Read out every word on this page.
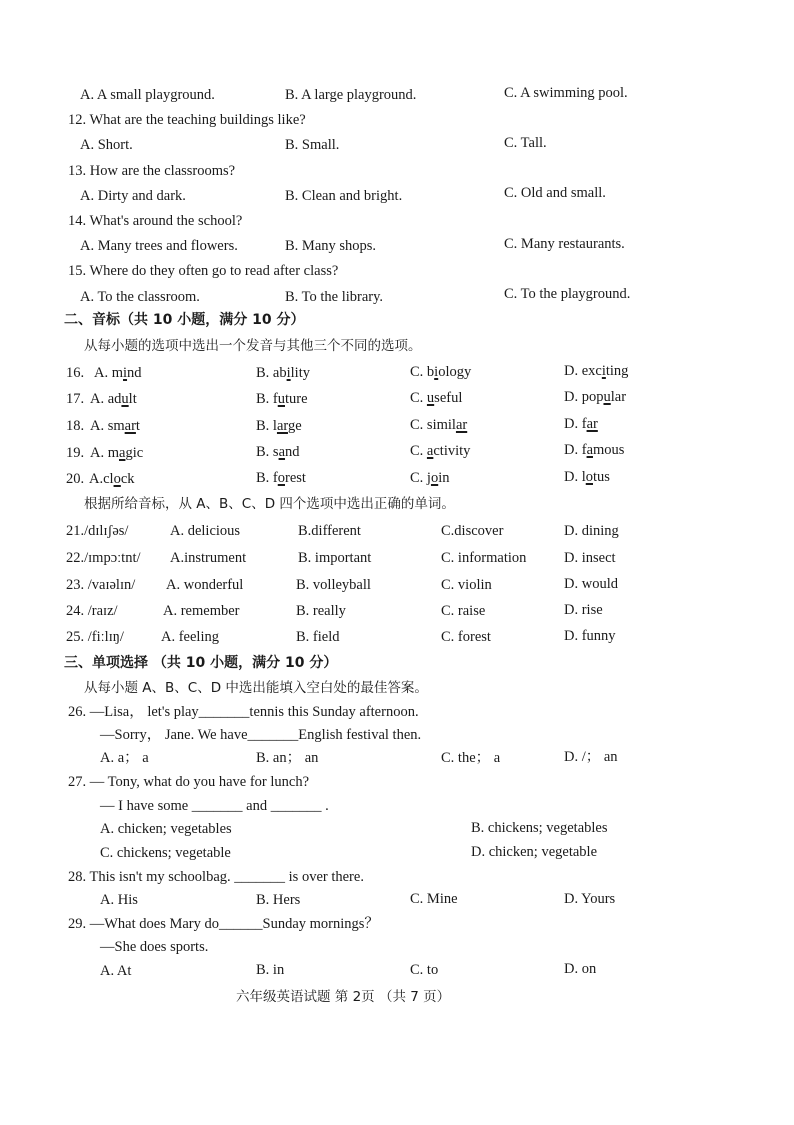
A. A small playground.	B. A large playground.	C. A swimming pool.
12. What are the teaching buildings like?
A. Short.	B. Small.	C. Tall.
13. How are the classrooms?
A. Dirty and dark.	B. Clean and bright.	C. Old and small.
14. What's around the school?
A. Many trees and flowers.	B. Many shops.	C. Many restaurants.
15. Where do they often go to read after class?
A. To the classroom.	B. To the library.	C. To the playground.
二、音标（共 10 小题，满分 10 分）
从每小题的选项中选出一个发音与其他三个不同的选项。
16. A. mind	B. ability	C. biology	D. exciting
17. A. adult	B. future	C. useful	D. popular
18. A. smart	B. large	C. similar	D. far
19. A. magic	B. sand	C. activity	D. famous
20. A.clock	B. forest	C. join	D. lotus
根据所给音标，从 A、B、C、D 四个选项中选出正确的单词。
21./dɪlɪʃəs/	A. delicious	B.different	C.discover	D. dining
22./ɪmpɔːtnt/ A.instrument	B. important	C. information	D. insect
23. /vaɪəlɪn/ A. wonderful	B. volleyball	C. violin	D. would
24. /raɪz/	A. remember	B. really	C. raise	D. rise
25. /fiːlɪŋ/	A. feeling	B. field	C. forest	D. funny
三、单项选择 （共 10 小题，满分 10 分）
从每小题 A、B、C、D 中选出能填入空白处的最佳答案。
26. —Lisa， let's play_______tennis this Sunday afternoon.
—Sorry， Jane. We have_______English festival then.
A. a； a	B. an； an	C. the； a	D. /； an
27. — Tony, what do you have for lunch?
— I have some _______ and _______ .
A. chicken; vegetables	B. chickens; vegetables
C. chickens; vegetable	D. chicken; vegetable
28. This isn't my schoolbag. _______ is over there.
A. His	B. Hers	C. Mine	D. Yours
29. —What does Mary do______Sunday mornings？
—She does sports.
A. At	B. in	C. to	D. on
六年级英语试题 第 2页 （共 7 页）
